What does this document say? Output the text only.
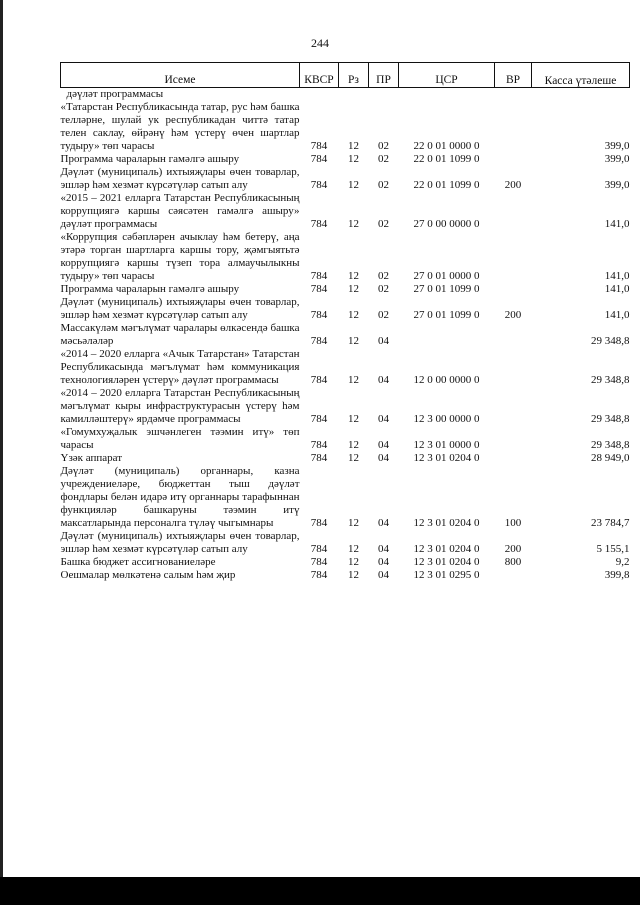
244
Исеме	КВСР	Рз	ПР	ЦСР	ВР	Касса үтәлеше
дәүләт программасы						
«Татарстан Республикасында татар, рус һәм башка телләрне, шулай ук республикадан читтә татар телен саклау, өйрәнү һәм үстерү өчен шартлар тудыру» төп чарасы	784	12	02	22 0 01 0000 0		399,0
Программа чараларын гамәлгә ашыру	784	12	02	22 0 01 1099 0		399,0
Дәүләт (муниципаль) ихтыяҗлары өчен товарлар, эшләр һәм хезмәт күрсәтүләр сатып алу	784	12	02	22 0 01 1099 0	200	399,0
«2015 – 2021 елларга Татарстан Республикасының коррупциягә каршы сәясәтен гамәлгә ашыру» дәүләт программасы	784	12	02	27 0 00 0000 0		141,0
«Коррупция сәбәпләрен ачыклау һәм бетерү, аңа этәрә торган шартларга каршы тору, җәмгыятьтә коррупциягә каршы түзеп тора алмаучылыкны тудыру» төп чарасы	784	12	02	27 0 01 0000 0		141,0
Программа чараларын гамәлгә ашыру	784	12	02	27 0 01 1099 0		141,0
Дәүләт (муниципаль) ихтыяҗлары өчен товарлар, эшләр һәм хезмәт күрсәтүләр сатып алу	784	12	02	27 0 01 1099 0	200	141,0
Массакүләм мәгълүмат чаралары өлкәсендә башка мәсьәләләр	784	12	04			29 348,8
«2014 – 2020 елларга «Ачык Татарстан» Татарстан Республикасында мәгълүмат һәм коммуникация технологияләрен үстерү» дәүләт программасы	784	12	04	12 0 00 0000 0		29 348,8
«2014 – 2020 елларга Татарстан Республикасының мәгълүмат кыры инфраструктурасын үстерү һәм камилләштерү» ярдәмче программасы	784	12	04	12 3 00 0000 0		29 348,8
«Гомумхуҗалык эшчәнлеген тәэмин итү» төп чарасы	784	12	04	12 3 01 0000 0		29 348,8
Үзәк аппарат	784	12	04	12 3 01 0204 0		28 949,0
Дәүләт (муниципаль) органнары, казна учреждениеләре, бюджеттан тыш дәүләт фондлары белән идарә итү органнары тарафыннан функцияләр башкаруны тәэмин итү максатларында персоналга түләү чыгымнары	784	12	04	12 3 01 0204 0	100	23 784,7
Дәүләт (муниципаль) ихтыяҗлары өчен товарлар, эшләр һәм хезмәт күрсәтүләр сатып алу	784	12	04	12 3 01 0204 0	200	5 155,1
Башка бюджет ассигнованиеләре	784	12	04	12 3 01 0204 0	800	9,2
Оешмалар мөлкәтенә салым һәм җир	784	12	04	12 3 01 0295 0		399,8
